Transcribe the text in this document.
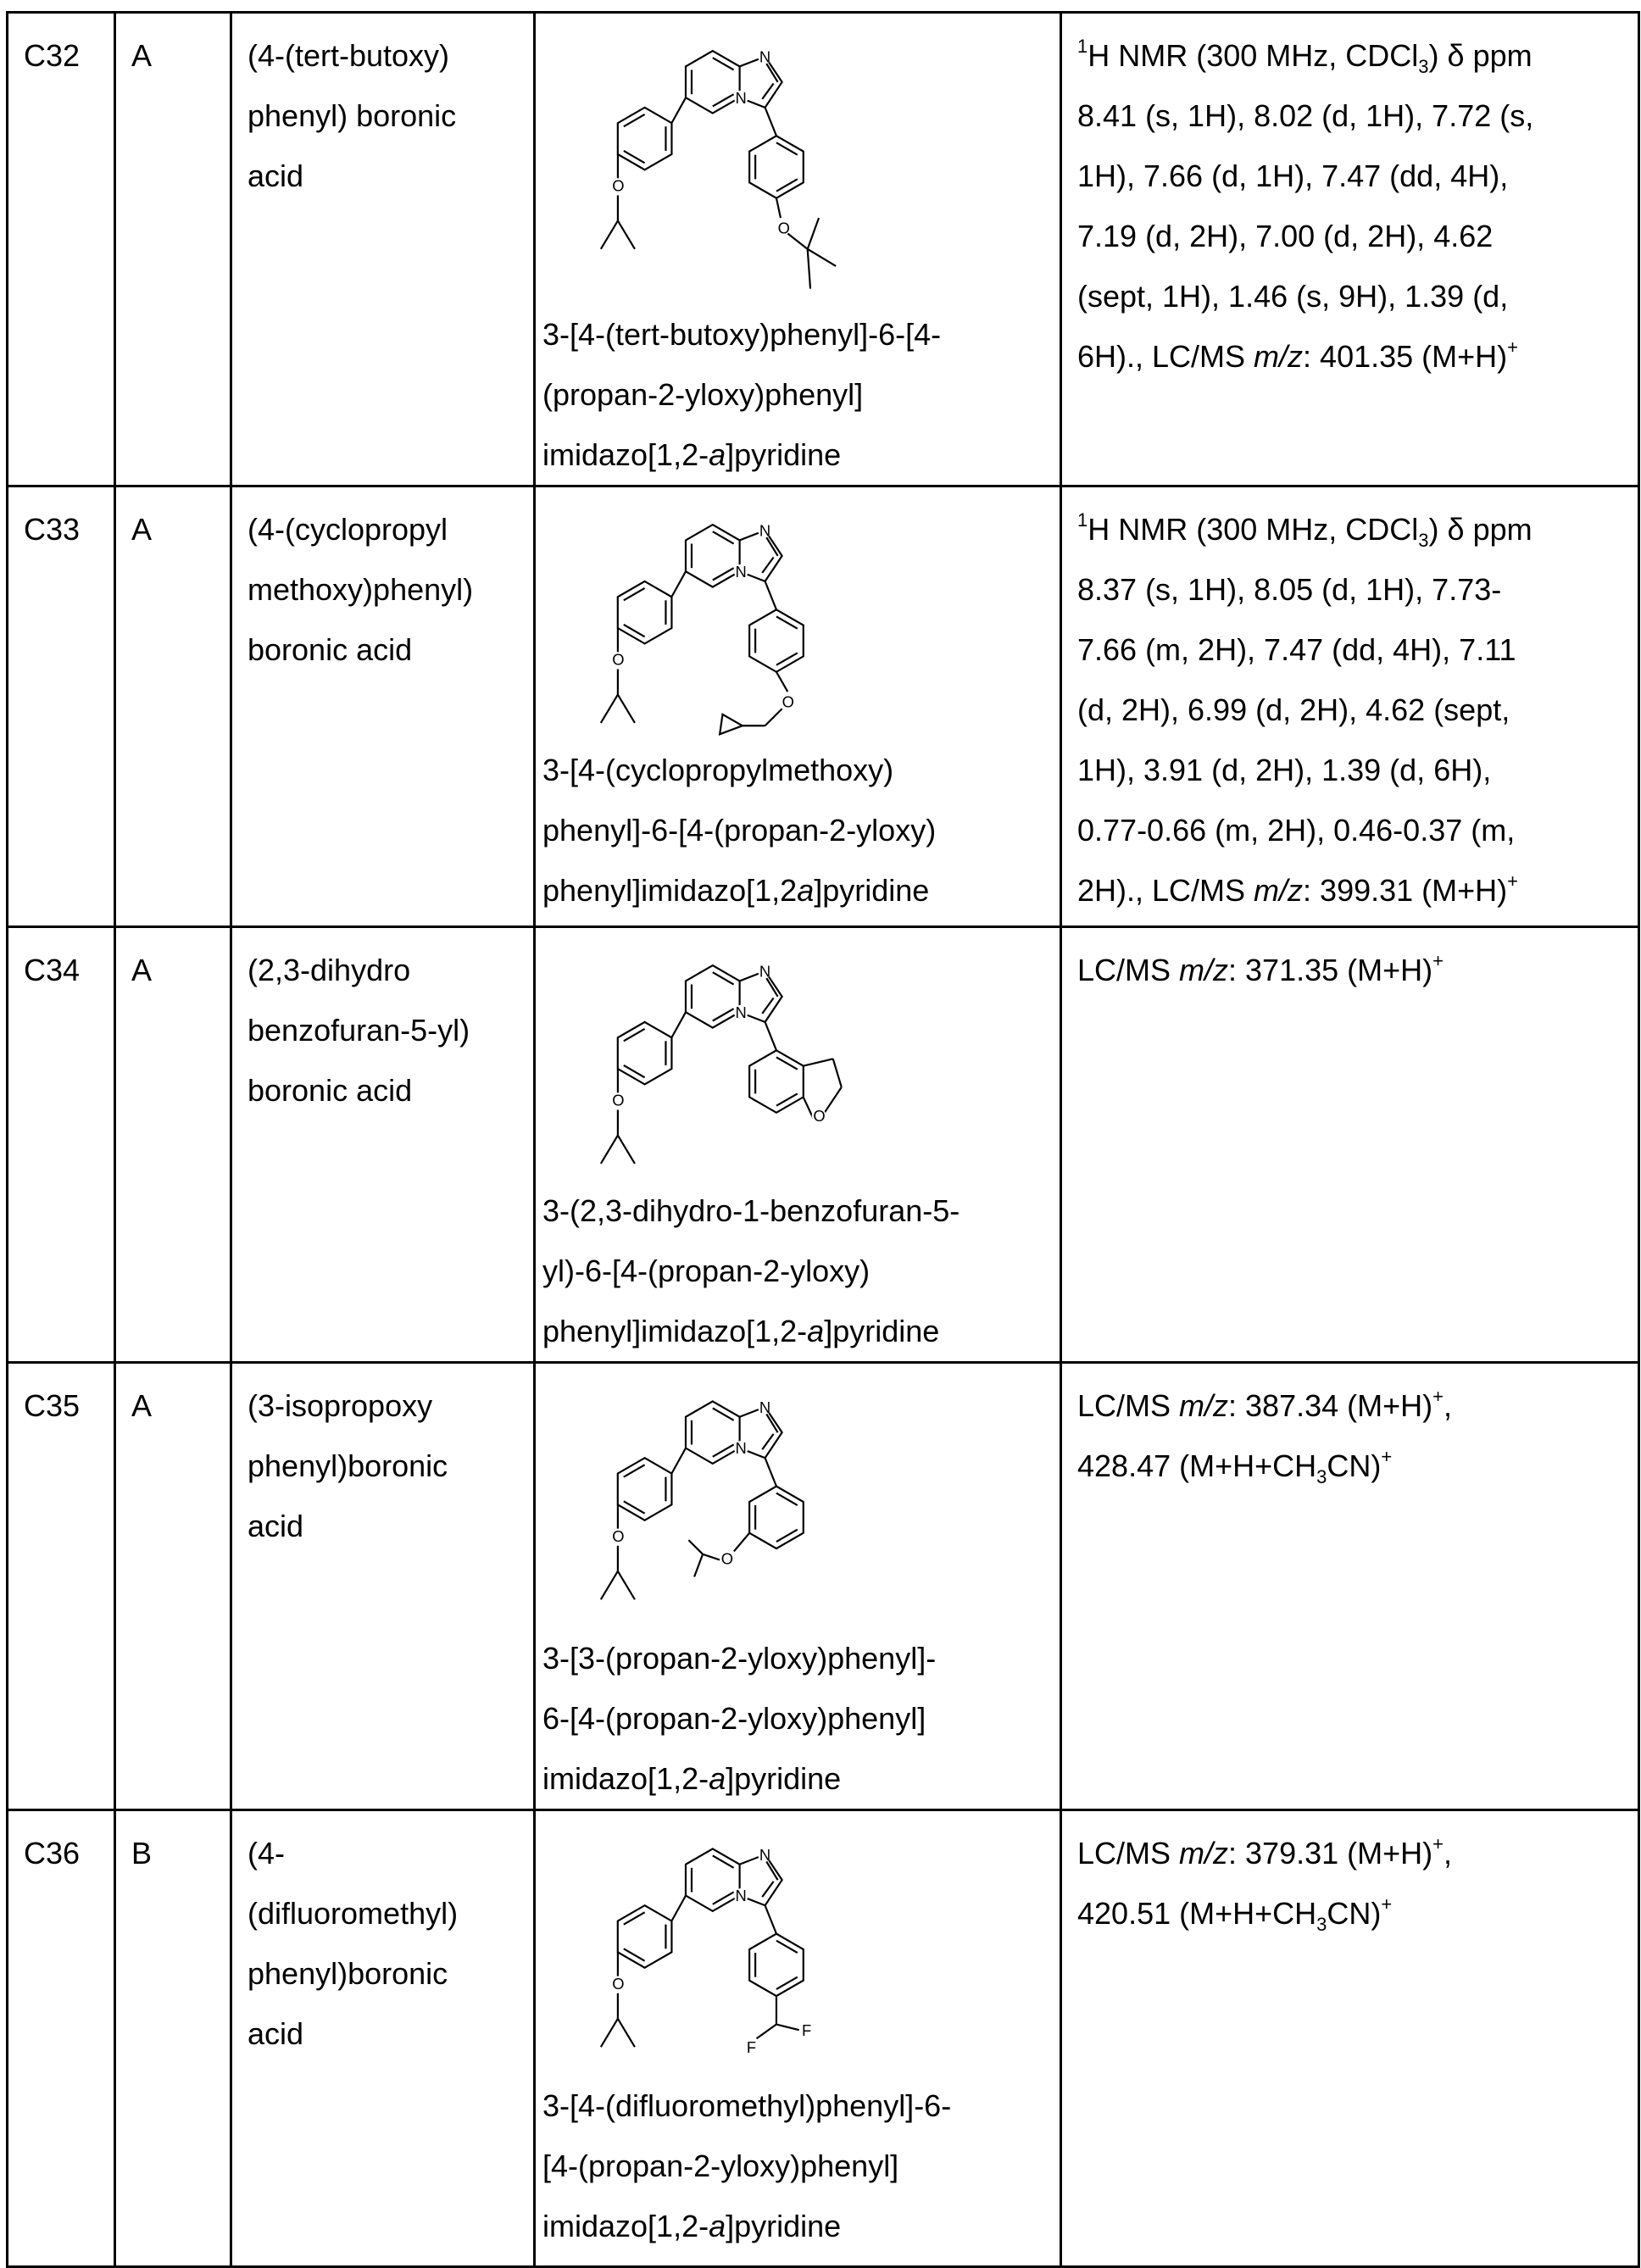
C32	A	(4-(tert-butoxy)
phenyl) boronic
acid	O
N
N
O
3-[4-(tert-butoxy)phenyl]-6-[4-
(propan-2-yloxy)phenyl]
imidazo[1,2-a]pyridine

1H NMR (300 MHz, CDCl3) δ ppm
8.41 (s, 1H), 8.02 (d, 1H), 7.72 (s,
1H), 7.66 (d, 1H), 7.47 (dd, 4H),
7.19 (d, 2H), 7.00 (d, 2H), 4.62
(sept, 1H), 1.46 (s, 9H), 1.39 (d,
6H)., LC/MS m/z: 401.35 (M+H)+

C33	A	(4-(cyclopropyl
methoxy)phenyl)
boronic acid	O
N
N
O
3-[4-(cyclopropylmethoxy)
phenyl]-6-[4-(propan-2-yloxy)
phenyl]imidazo[1,2a]pyridine

1H NMR (300 MHz, CDCl3) δ ppm
8.37 (s, 1H), 8.05 (d, 1H), 7.73-
7.66 (m, 2H), 7.47 (dd, 4H), 7.11
(d, 2H), 6.99 (d, 2H), 4.62 (sept,
1H), 3.91 (d, 2H), 1.39 (d, 6H),
0.77-0.66 (m, 2H), 0.46-0.37 (m,
2H)., LC/MS m/z: 399.31 (M+H)+

C34	A	(2,3-dihydro
benzofuran-5-yl)
boronic acid	O
N
N
O
3-(2,3-dihydro-1-benzofuran-5-
yl)-6-[4-(propan-2-yloxy)
phenyl]imidazo[1,2-a]pyridine

LC/MS m/z: 371.35 (M+H)+

C35	A	(3-isopropoxy
phenyl)boronic
acid	O
N
N
O
3-[3-(propan-2-yloxy)phenyl]-
6-[4-(propan-2-yloxy)phenyl]
imidazo[1,2-a]pyridine

LC/MS m/z: 387.34 (M+H)+,
428.47 (M+H+CH3CN)+

C36	B	(4-
(difluoromethyl)
phenyl)boronic
acid

O
N
N
F
F
3-[4-(difluoromethyl)phenyl]-6-
[4-(propan-2-yloxy)phenyl]
imidazo[1,2-a]pyridine

LC/MS m/z: 379.31 (M+H)+,
420.51 (M+H+CH3CN)+
